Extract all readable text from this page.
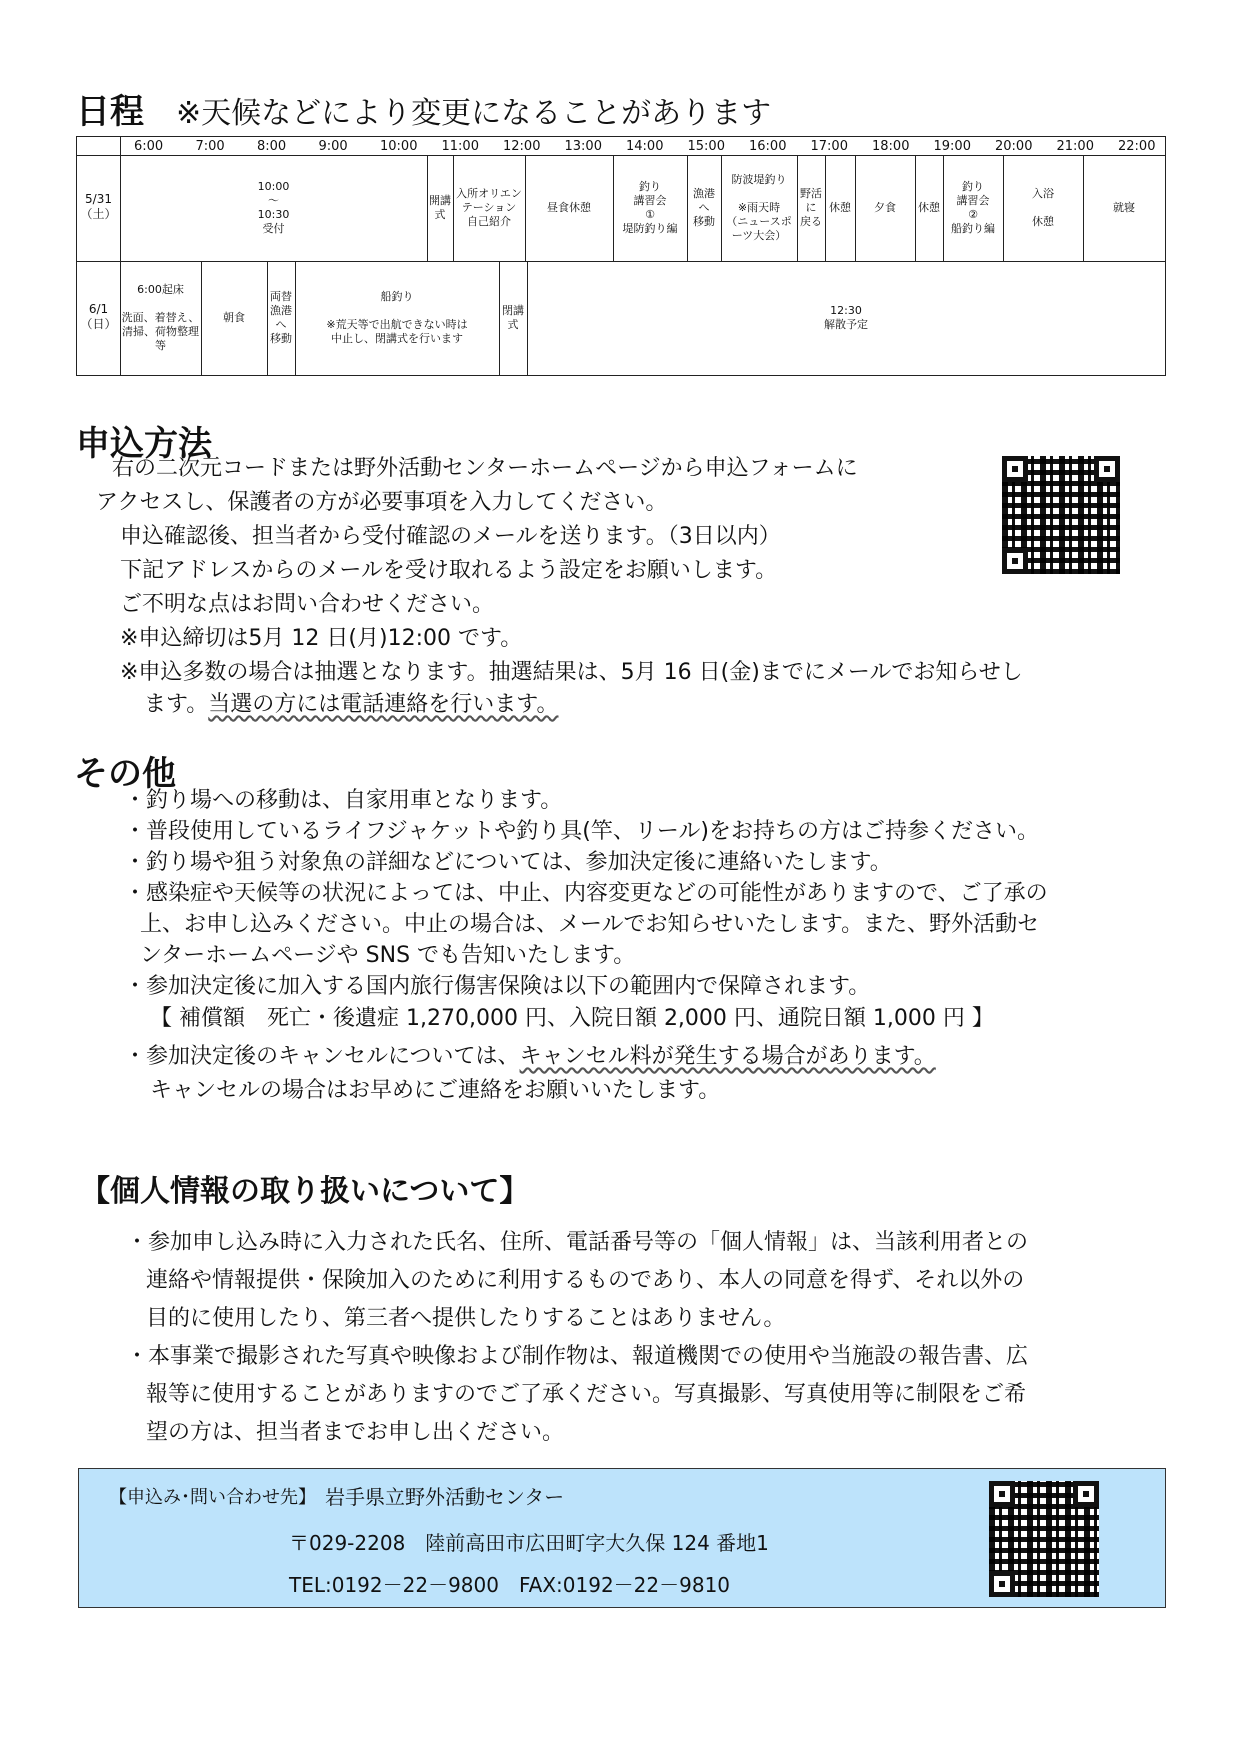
日程 ※天候などにより変更になることがあります
5/31
（土）
6/1
（日）
6:00 7:00 8:00 9:00 10:00 11:00 12:00 13:00 14:00 15:00 16:00 17:00 18:00 19:00 20:00 21:00 22:00
10:00
～
10:30
受付
開講
式
入所オリエン
テーション
自己紹介
昼食休憩
釣り
講習会
①
堤防釣り編
漁港
へ
移動
防波堤釣り

※雨天時
（ニュースポーツ大会）
野活
に
戻る
休憩	夕食	休憩
釣り
講習会
②
船釣り編
入浴

休憩
就寝
6:00起床

洗面、着替え、
清掃、荷物整理
等
朝食
両替
漁港
へ
移動
船釣り

※荒天等で出航できない時は
中止し、閉講式を行います
閉講
式
12:30
解散予定
申込方法
右の二次元コードまたは野外活動センターホームページから申込フォームに
アクセスし、保護者の方が必要事項を入力してください。
申込確認後、担当者から受付確認のメールを送ります。（3日以内）
下記アドレスからのメールを受け取れるよう設定をお願いします。
ご不明な点はお問い合わせください。
※申込締切は5月 12 日(月)12:00 です。
※申込多数の場合は抽選となります。抽選結果は、5月 16 日(金)までにメールでお知らせし
ます。当選の方には電話連絡を行います。
その他
・釣り場への移動は、自家用車となります。
・普段使用しているライフジャケットや釣り具(竿、リール)をお持ちの方はご持参ください。
・釣り場や狙う対象魚の詳細などについては、参加決定後に連絡いたします。
・感染症や天候等の状況によっては、中止、内容変更などの可能性がありますので、ご了承の
上、お申し込みください。中止の場合は、メールでお知らせいたします。また、野外活動セ
ンターホームページや SNS でも告知いたします。
・参加決定後に加入する国内旅行傷害保険は以下の範囲内で保障されます。
【 補償額　死亡・後遺症 1,270,000 円、入院日額 2,000 円、通院日額 1,000 円 】
・参加決定後のキャンセルについては、キャンセル料が発生する場合があります。
キャンセルの場合はお早めにご連絡をお願いいたします。
【個人情報の取り扱いについて】
・参加申し込み時に入力された氏名、住所、電話番号等の「個人情報」は、当該利用者との
連絡や情報提供・保険加入のために利用するものであり、本人の同意を得ず、それ以外の
目的に使用したり、第三者へ提供したりすることはありません。
・本事業で撮影された写真や映像および制作物は、報道機関での使用や当施設の報告書、広
報等に使用することがありますのでご了承ください。写真撮影、写真使用等に制限をご希
望の方は、担当者までお申し出ください。
【申込み･問い合わせ先】 岩手県立野外活動センター
〒029-2208　陸前高田市広田町字大久保 124 番地1
TEL:0192－22－9800　FAX:0192－22－9810
